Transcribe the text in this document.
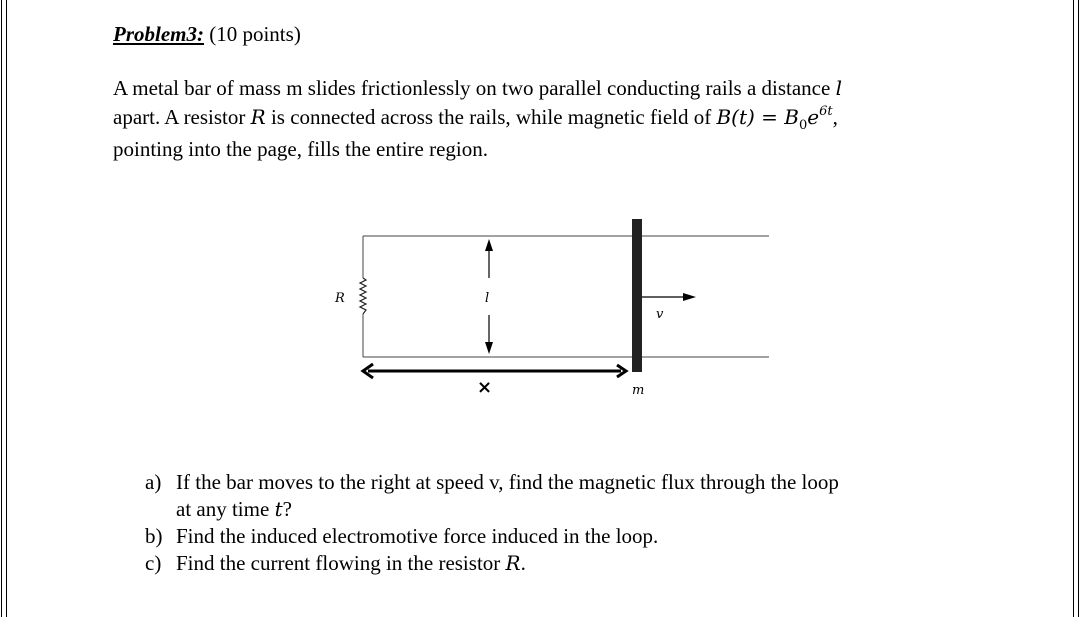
Problem3: (10 points)
A metal bar of mass m slides frictionlessly on two parallel conducting rails a distance l
apart. A resistor R is connected across the rails, while magnetic field of $B(t) = B_0e^{6t}$,
pointing into the page, fills the entire region.
R	l
v
m
×
a) If the bar moves to the right at speed v, find the magnetic flux through the loop
at any time t?
b) Find the induced electromotive force induced in the loop.
c) Find the current flowing in the resistor R.
